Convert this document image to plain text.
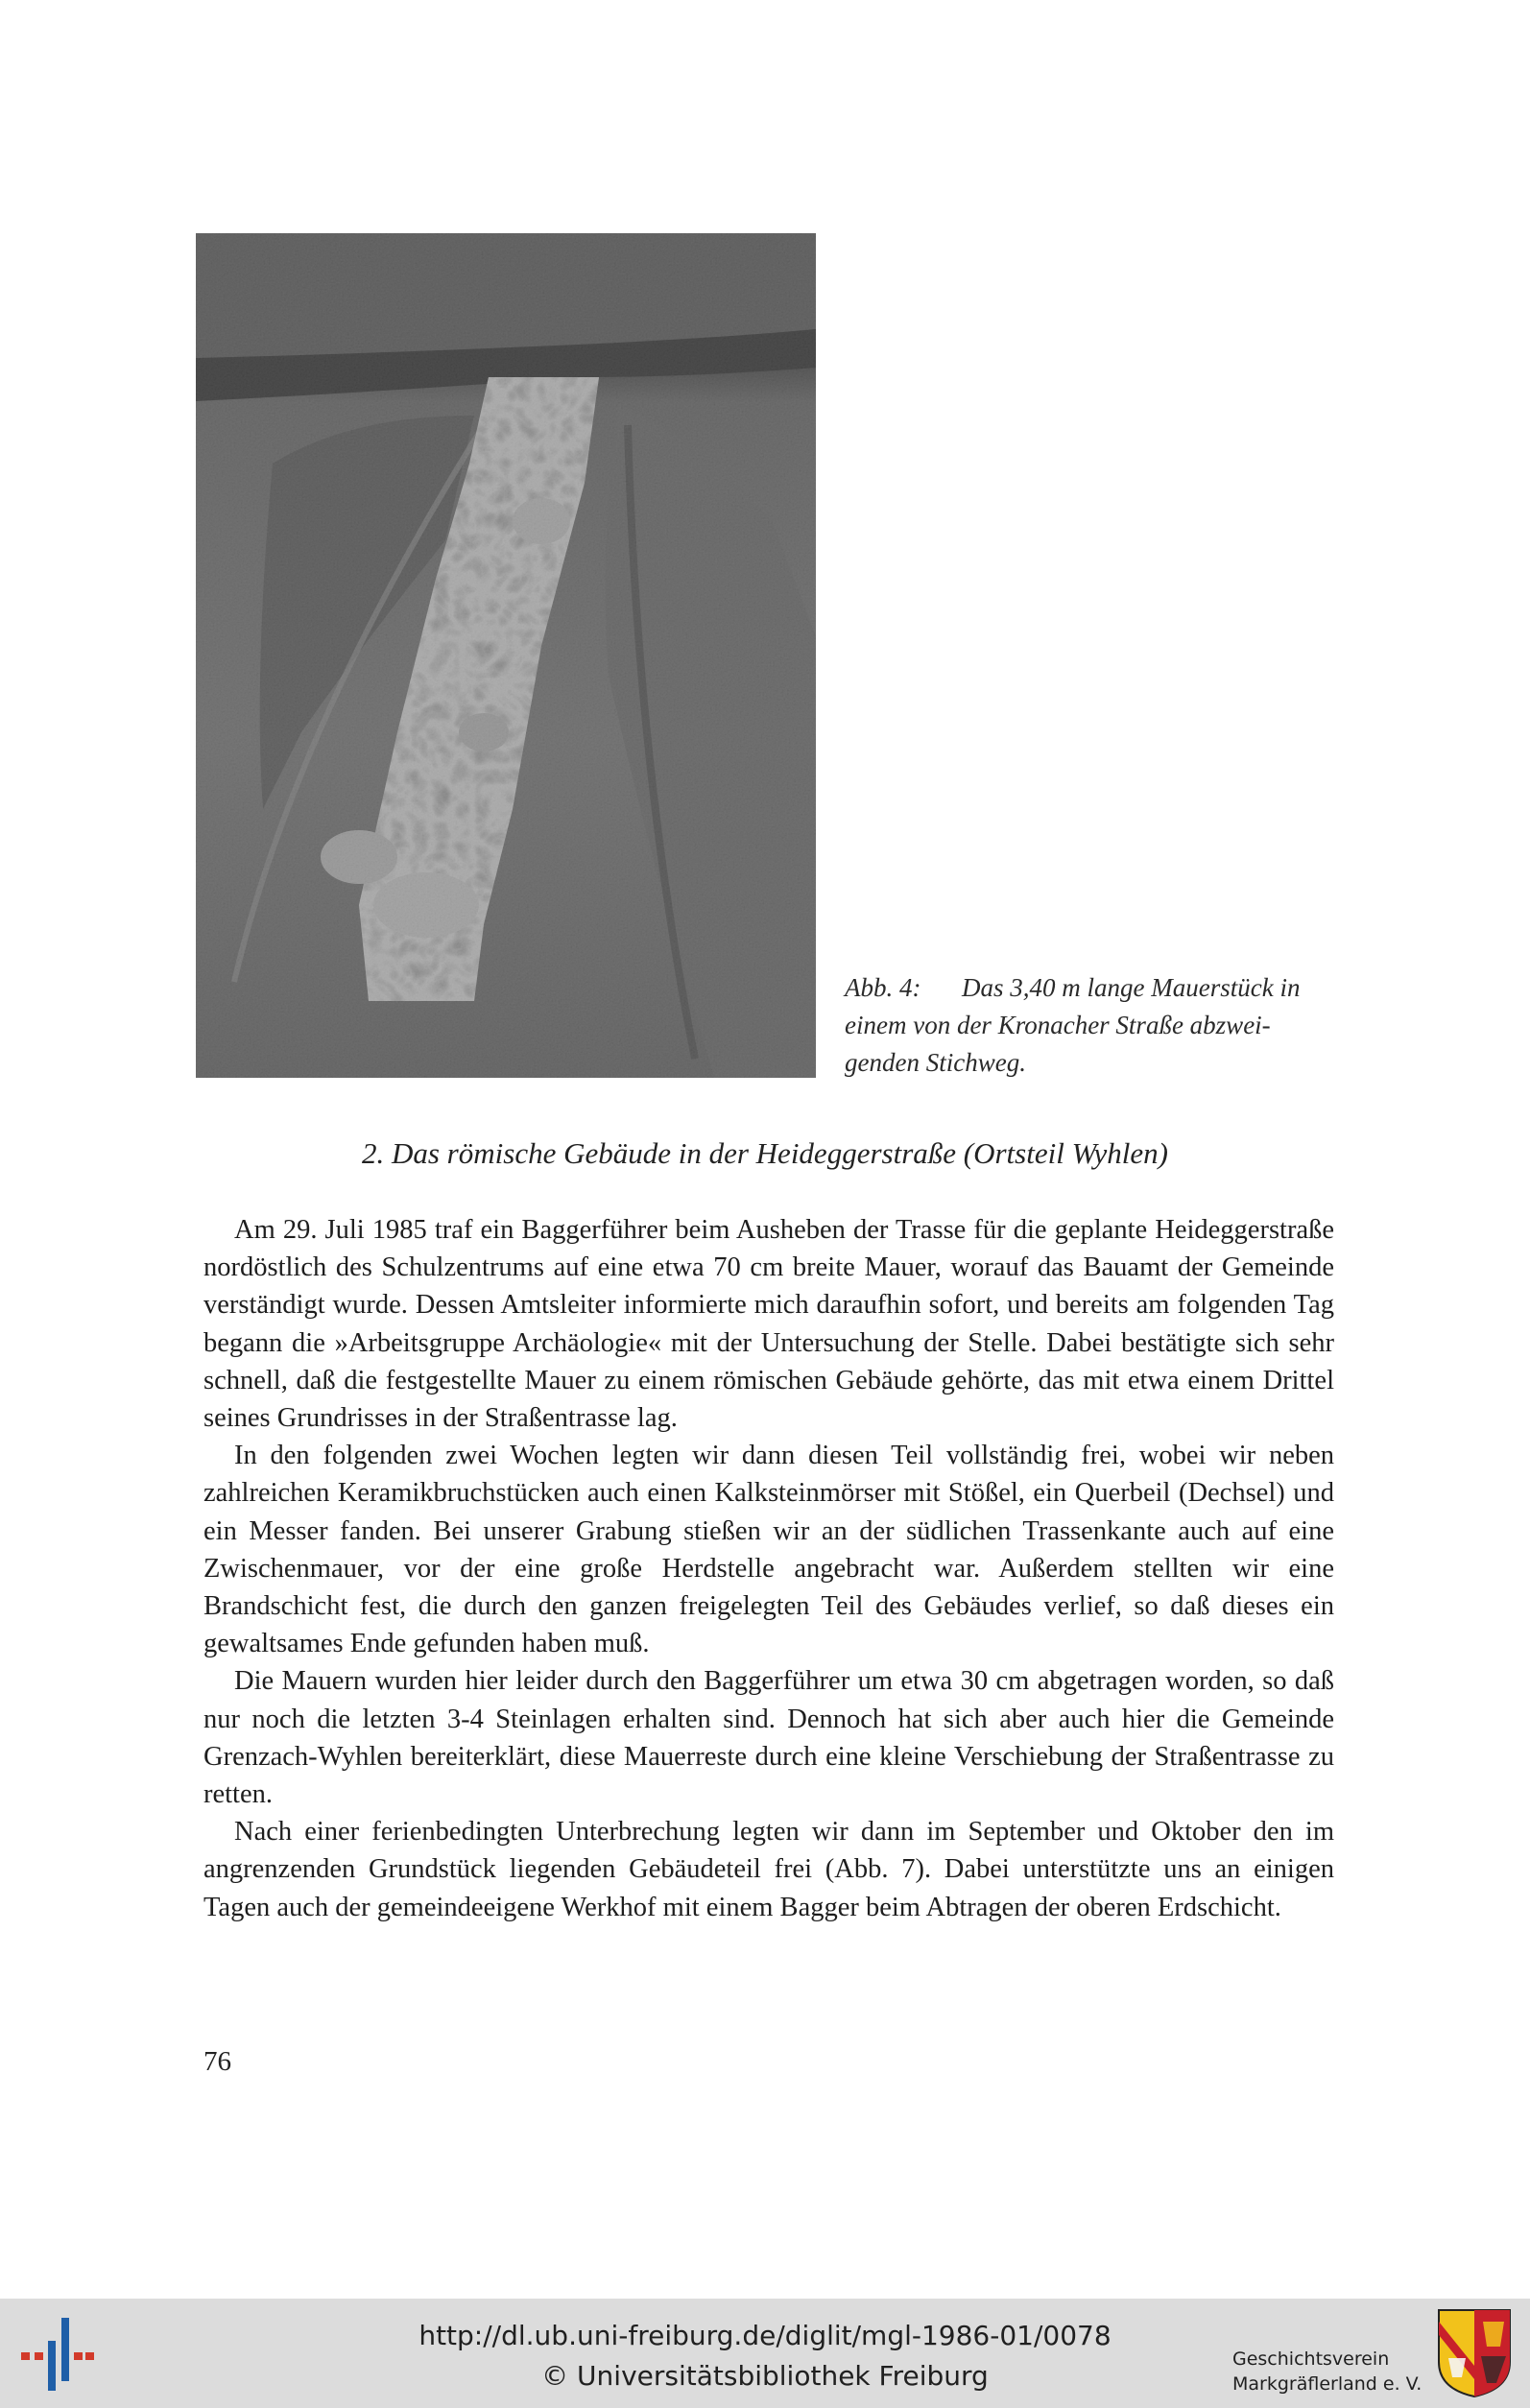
Abb. 4: Das 3,40 m lange Mauerstück in
einem von der Kronacher Straße abzwei-
genden Stichweg.
2. Das römische Gebäude in der Heideggerstraße (Ortsteil Wyhlen)

Am 29. Juli 1985 traf ein Baggerführer beim Ausheben der Trasse für die geplante Heideggerstraße nordöstlich des Schulzentrums auf eine etwa 70 cm breite Mauer, worauf das Bauamt der Gemeinde verständigt wurde. Dessen Amtsleiter informierte mich daraufhin sofort, und bereits am folgenden Tag begann die »Arbeitsgruppe Archäologie« mit der Untersuchung der Stelle. Dabei bestätigte sich sehr schnell, daß die festgestellte Mauer zu einem römischen Gebäude gehörte, das mit etwa einem Drittel seines Grundrisses in der Straßentrasse lag.

In den folgenden zwei Wochen legten wir dann diesen Teil vollständig frei, wobei wir neben zahlreichen Keramikbruchstücken auch einen Kalksteinmörser mit Stößel, ein Querbeil (Dechsel) und ein Messer fanden. Bei unserer Grabung stießen wir an der südlichen Trassenkante auch auf eine Zwischenmauer, vor der eine große Herdstelle angebracht war. Außerdem stellten wir eine Brandschicht fest, die durch den ganzen freigelegten Teil des Gebäudes verlief, so daß dieses ein gewaltsames Ende gefunden haben muß.

Die Mauern wurden hier leider durch den Baggerführer um etwa 30 cm abgetragen worden, so daß nur noch die letzten 3-4 Steinlagen erhalten sind. Dennoch hat sich aber auch hier die Gemeinde Grenzach-Wyhlen bereiterklärt, diese Mauerreste durch eine kleine Verschiebung der Straßentrasse zu retten.

Nach einer ferienbedingten Unterbrechung legten wir dann im September und Oktober den im angrenzenden Grundstück liegenden Gebäudeteil frei (Abb. 7). Dabei unterstützte uns an einigen Tagen auch der gemeindeeigene Werkhof mit einem Bagger beim Abtragen der oberen Erdschicht.

76
http://dl.ub.uni-freiburg.de/diglit/mgl-1986-01/0078
© Universitätsbibliothek Freiburg
Geschichtsverein
Markgräflerland e. V.
